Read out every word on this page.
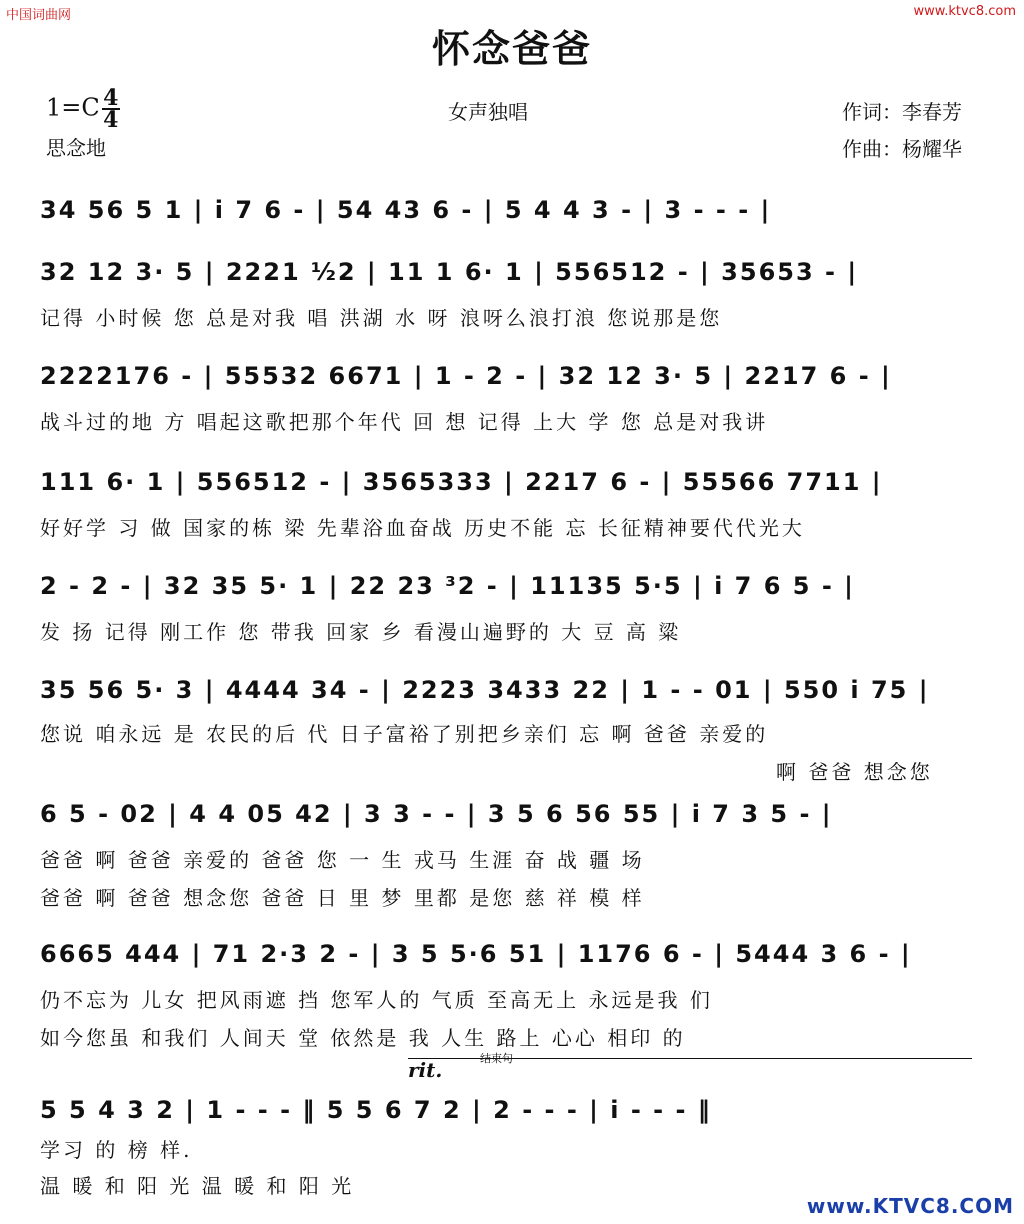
中国词曲网	www.ktvc8.com
怀念爸爸
$1=C \frac{4}{4}$
思念地
女声独唱	作词：李春芳
作曲：杨耀华
34 56 5 1 | i 7 6 - | 54 43 6 - | 5 4 4 3 - | 3 - - - |
32 12 3· 5 | 2221 ½2 | 11 1 6· 1 | 556512 - | 35653 - |
记得 小时候 您 总是对我 唱 洪湖 水 呀 浪呀么浪打浪 您说那是您
2222176 - | 55532 6671 | 1 - 2 - | 32 12 3· 5 | 2217 6 - |
战斗过的地 方 唱起这歌把那个年代 回 想 记得 上大 学 您 总是对我讲
111 6· 1 | 556512 - | 3565333 | 2217 6 - | 55566 7711 |
好好学 习 做 国家的栋 梁 先辈浴血奋战 历史不能 忘 长征精神要代代光大
2 - 2 - | 32 35 5· 1 | 22 23 ³2 - | 11135 5·5 | i 7 6 5 - |
发 扬 记得 刚工作 您 带我 回家 乡 看漫山遍野的 大 豆 高 粱
35 56 5· 3 | 4444 34 - | 2223 3433 22 | 1 - - 01 | 550 i 75 |
您说 咱永远 是 农民的后 代 日子富裕了别把乡亲们 忘 啊 爸爸 亲爱的
啊 爸爸 想念您
6 5 - 02 | 4 4 05 42 | 3 3 - - | 3 5 6 56 55 | i 7 3 5 - |
爸爸 啊 爸爸 亲爱的 爸爸 您 一 生 戎马 生涯 奋 战 疆 场
爸爸 啊 爸爸 想念您 爸爸 日 里 梦 里都 是您 慈 祥 模 样
6665 444 | 71 2·3 2 - | 3 5 5·6 51 | 1176 6 - | 5444 3 6 - |
仍不忘为 儿女 把风雨遮 挡 您军人的 气质 至高无上 永远是我 们
如今您虽 和我们 人间天 堂 依然是 我 人生 路上 心心 相印 的
rit.	结束句
5 5 4 3 2 | 1 - - - ‖ 5 5 6 7 2 | 2 - - - | i - - - ‖
学习 的 榜 样.
温 暖 和 阳 光 温 暖 和 阳 光
www.KTVC8.COM
